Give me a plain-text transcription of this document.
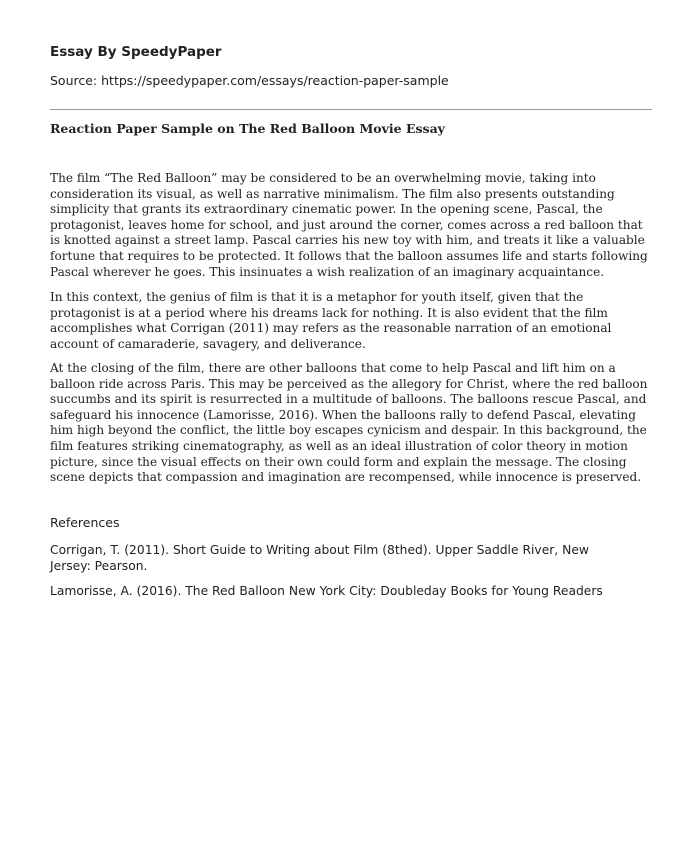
Essay By SpeedyPaper
Source: https://speedypaper.com/essays/reaction-paper-sample
Reaction Paper Sample on The Red Balloon Movie Essay

The film “The Red Balloon” may be considered to be an overwhelming movie, taking into consideration its visual, as well as narrative minimalism. The film also presents outstanding simplicity that grants its extraordinary cinematic power. In the opening scene, Pascal, the protagonist, leaves home for school, and just around the corner, comes across a red balloon that is knotted against a street lamp. Pascal carries his new toy with him, and treats it like a valuable fortune that requires to be protected. It follows that the balloon assumes life and starts following Pascal wherever he goes. This insinuates a wish realization of an imaginary acquaintance.

In this context, the genius of film is that it is a metaphor for youth itself, given that the protagonist is at a period where his dreams lack for nothing. It is also evident that the film accomplishes what Corrigan (2011) may refers as the reasonable narration of an emotional account of camaraderie, savagery, and deliverance.

At the closing of the film, there are other balloons that come to help Pascal and lift him on a balloon ride across Paris. This may be perceived as the allegory for Christ, where the red balloon succumbs and its spirit is resurrected in a multitude of balloons. The balloons rescue Pascal, and safeguard his innocence (Lamorisse, 2016). When the balloons rally to defend Pascal, elevating him high beyond the conflict, the little boy escapes cynicism and despair. In this background, the film features striking cinematography, as well as an ideal illustration of color theory in motion picture, since the visual effects on their own could form and explain the message. The closing scene depicts that compassion and imagination are recompensed, while innocence is preserved.

References

Corrigan, T. (2011). Short Guide to Writing about Film (8thed). Upper Saddle River, New Jersey: Pearson.

Lamorisse, A. (2016). The Red Balloon New York City: Doubleday Books for Young Readers
